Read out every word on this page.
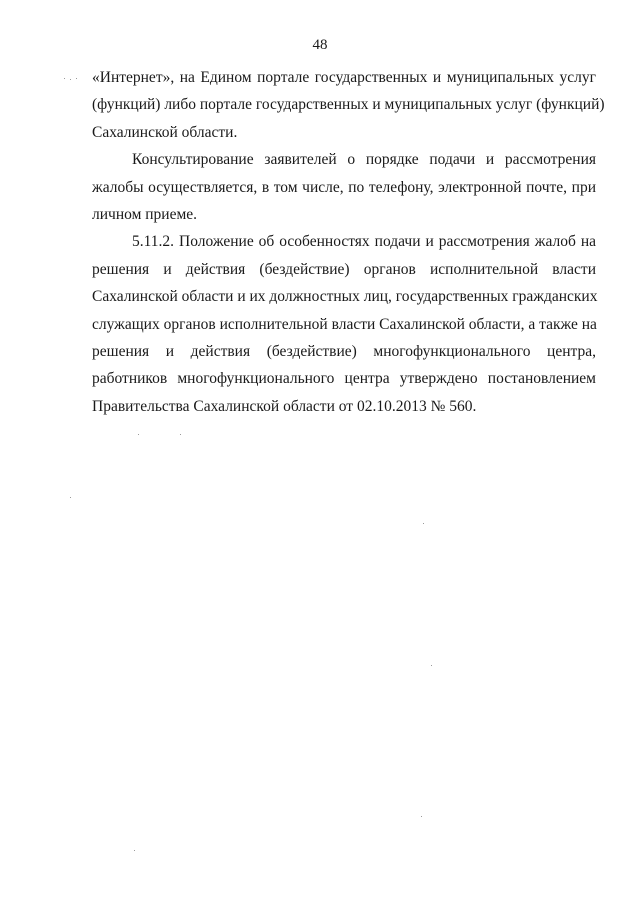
48

«Интернет», на Едином портале государственных и муниципальных услуг
(функций) либо портале государственных и муниципальных услуг (функций)
Сахалинской области.

Консультирование заявителей о порядке подачи и рассмотрения
жалобы осуществляется, в том числе, по телефону, электронной почте, при
личном приеме.

5.11.2. Положение об особенностях подачи и рассмотрения жалоб на
решения и действия (бездействие) органов исполнительной власти
Сахалинской области и их должностных лиц, государственных гражданских
служащих органов исполнительной власти Сахалинской области, а также на
решения и действия (бездействие) многофункционального центра,
работников многофункционального центра утверждено постановлением
Правительства Сахалинской области от 02.10.2013 № 560.
